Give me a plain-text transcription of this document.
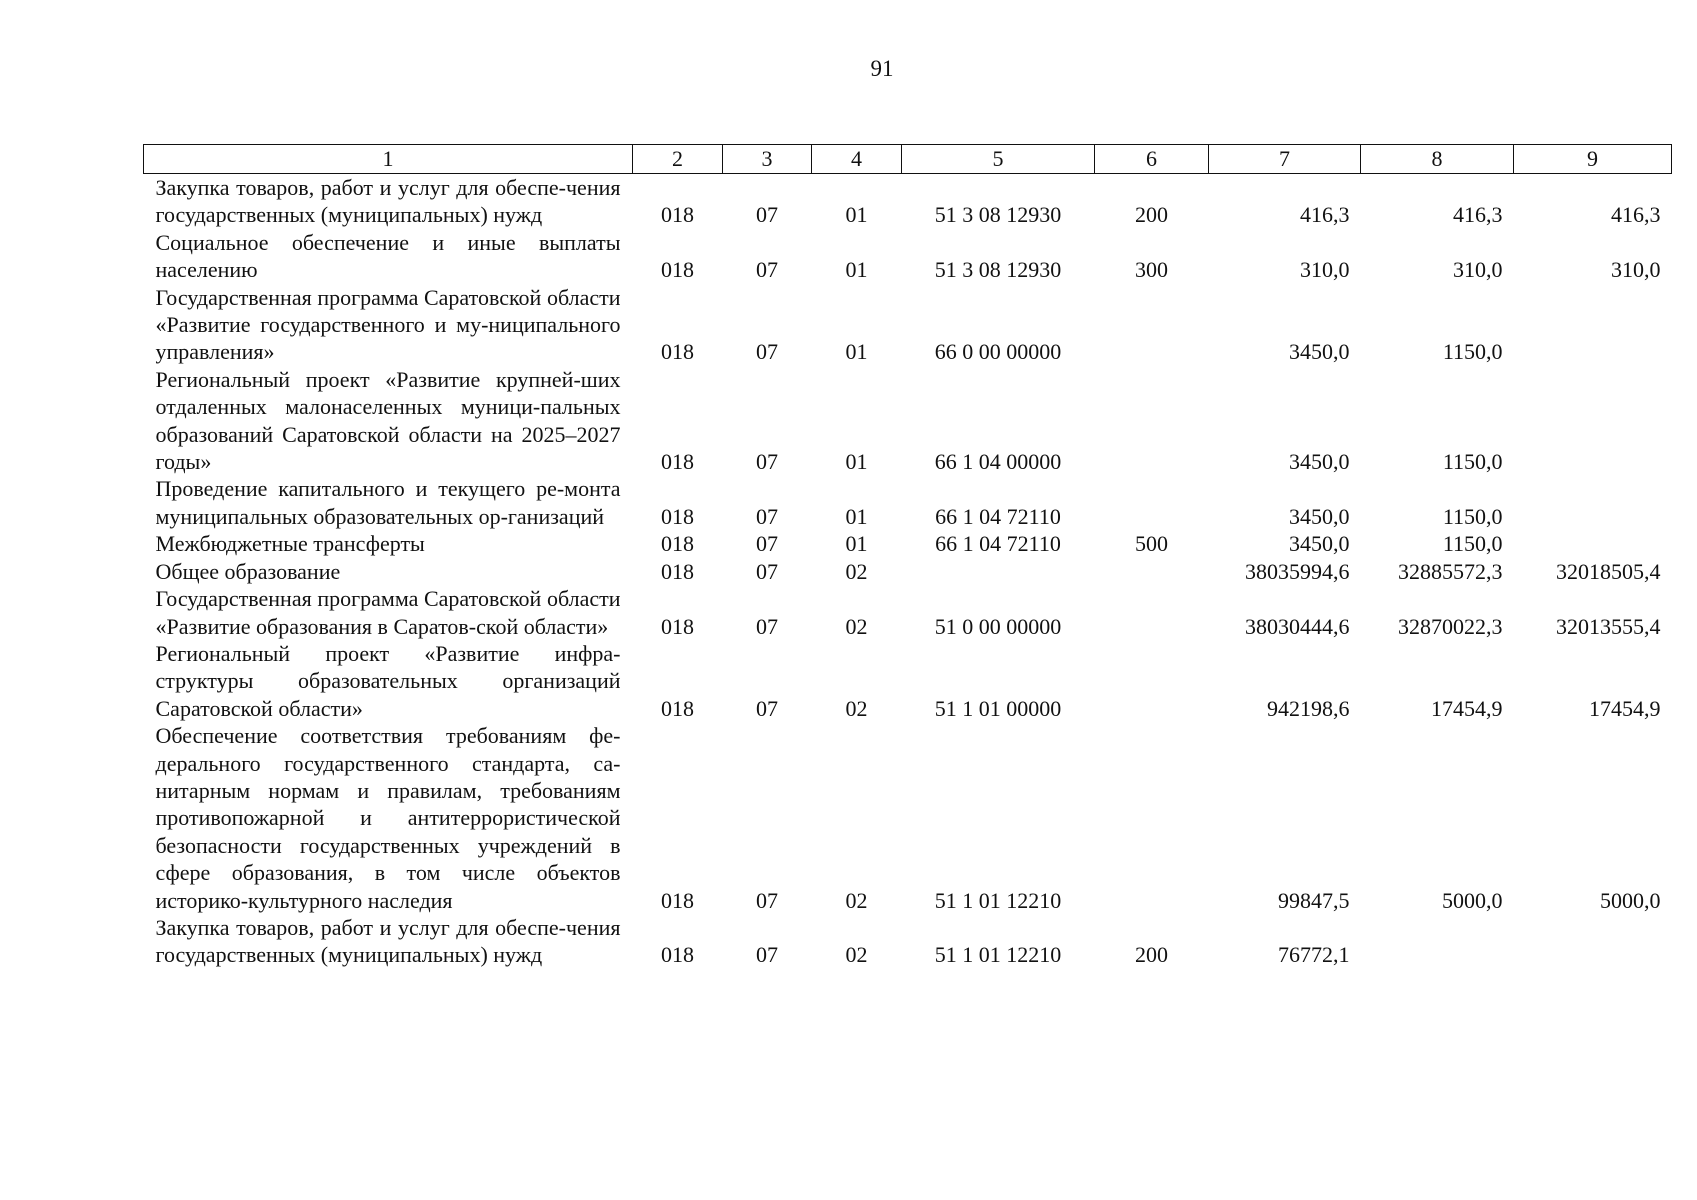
91
1	2	3	4	5	6	7	8	9
Закупка товаров, работ и услуг для обеспе-чения государственных (муниципальных) нужд	018	07	01	51 3 08 12930	200	416,3	416,3	416,3
Социальное обеспечение и иные выплаты населению	018	07	01	51 3 08 12930	300	310,0	310,0	310,0
Государственная программа Саратовской области «Развитие государственного и му-ниципального управления»	018	07	01	66 0 00 00000		3450,0	1150,0	
Региональный проект «Развитие крупней-ших отдаленных малонаселенных муници-пальных образований Саратовской области на 2025–2027 годы»	018	07	01	66 1 04 00000		3450,0	1150,0	
Проведение капитального и текущего ре-монта муниципальных образовательных ор-ганизаций	018	07	01	66 1 04 72110		3450,0	1150,0	
Межбюджетные трансферты	018	07	01	66 1 04 72110	500	3450,0	1150,0	
Общее образование	018	07	02			38035994,6	32885572,3	32018505,4
Государственная программа Саратовской области «Развитие образования в Саратов-ской области»	018	07	02	51 0 00 00000		38030444,6	32870022,3	32013555,4
Региональный проект «Развитие инфра-структуры образовательных организаций Саратовской области»	018	07	02	51 1 01 00000		942198,6	17454,9	17454,9
Обеспечение соответствия требованиям фе-дерального государственного стандарта, са-нитарным нормам и правилам, требованиям противопожарной и антитеррористической безопасности государственных учреждений в сфере образования, в том числе объектов историко-культурного наследия	018	07	02	51 1 01 12210		99847,5	5000,0	5000,0
Закупка товаров, работ и услуг для обеспе-чения государственных (муниципальных) нужд	018	07	02	51 1 01 12210	200	76772,1		
